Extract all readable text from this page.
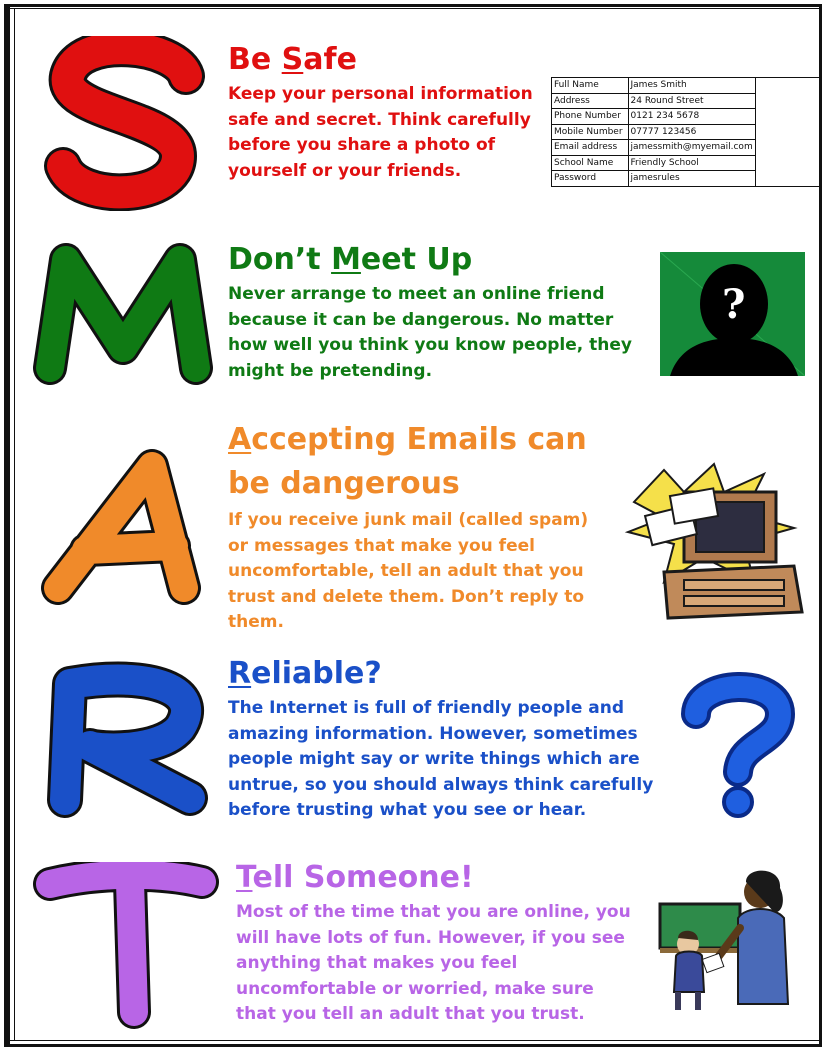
Be Safe

Keep your personal information safe and secret. Think carefully before you share a photo of yourself or your friends.

Full Name	James Smith	
Address	24 Round Street	
Phone Number	0121 234 5678	
Mobile Number	07777 123456	
Email address	jamessmith@myemail.com	
School Name	Friendly School	
Password	jamesrules	
Don’t Meet Up

Never arrange to meet an online friend because it can be dangerous. No matter how well you think you know people, they might be pretending.

?
Accepting Emails can be dangerous

If you receive junk mail (called spam) or messages that make you feel uncomfortable, tell an adult that you trust and delete them. Don’t reply to them.

Reliable?

The Internet is full of friendly people and amazing information. However, sometimes people might say or write things which are untrue, so you should always think carefully before trusting what you see or hear.

Tell Someone!

Most of the time that you are online, you will have lots of fun. However, if you see anything that makes you feel uncomfortable or worried, make sure that you tell an adult that you trust.
